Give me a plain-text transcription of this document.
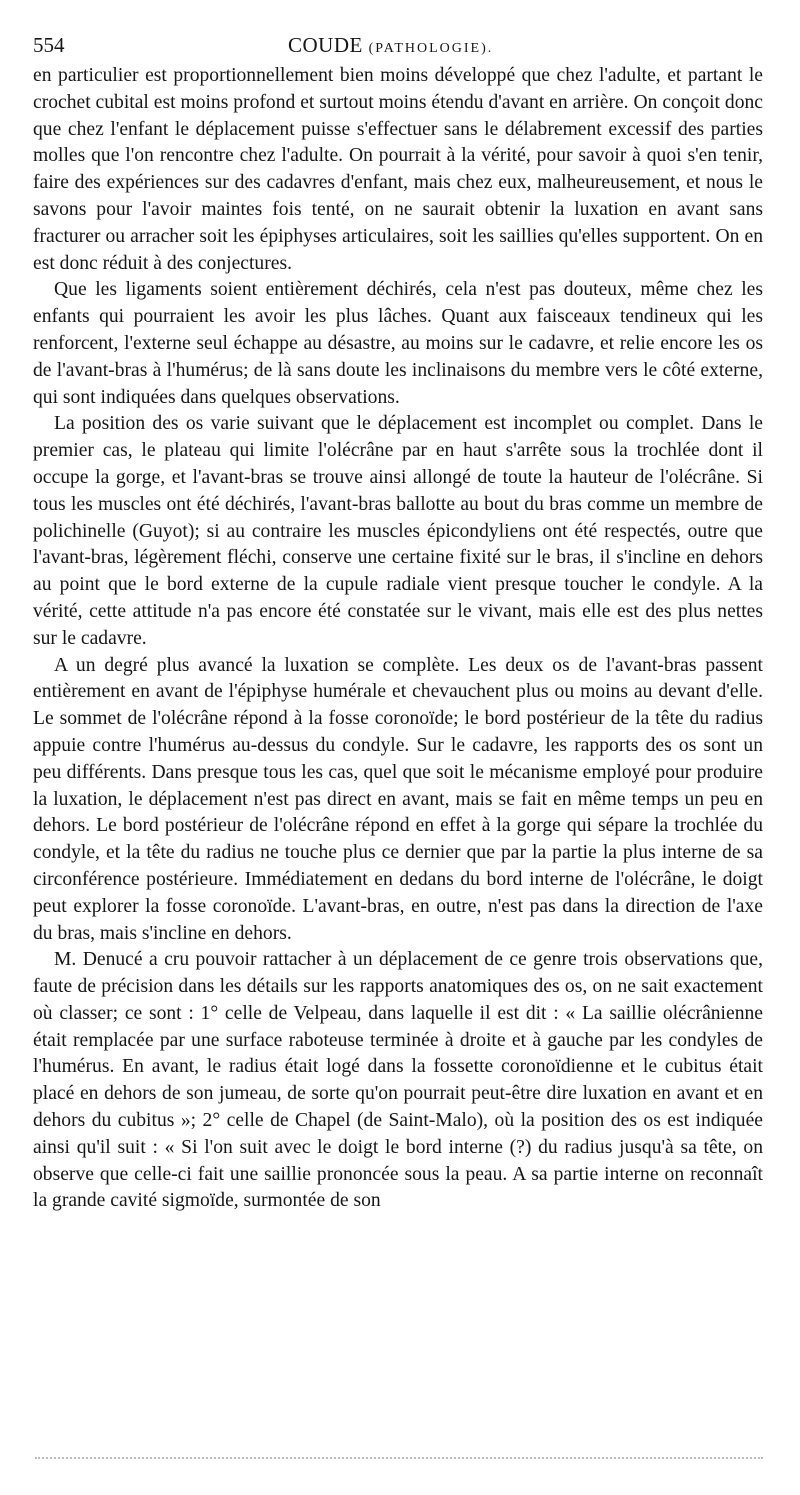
554	COUDE (PATHOLOGIE).

en particulier est proportionnellement bien moins développé que chez l'adulte, et partant le crochet cubital est moins profond et surtout moins étendu d'avant en arrière. On conçoit donc que chez l'enfant le déplacement puisse s'effectuer sans le délabrement excessif des parties molles que l'on rencontre chez l'adulte. On pourrait à la vérité, pour savoir à quoi s'en tenir, faire des expériences sur des cadavres d'enfant, mais chez eux, malheureusement, et nous le savons pour l'avoir maintes fois tenté, on ne saurait obtenir la luxation en avant sans fracturer ou arracher soit les épiphyses articulaires, soit les saillies qu'elles supportent. On en est donc réduit à des conjectures.

Que les ligaments soient entièrement déchirés, cela n'est pas douteux, même chez les enfants qui pourraient les avoir les plus lâches. Quant aux faisceaux tendineux qui les renforcent, l'externe seul échappe au désastre, au moins sur le cadavre, et relie encore les os de l'avant-bras à l'humérus; de là sans doute les inclinaisons du membre vers le côté externe, qui sont indiquées dans quelques observations.

La position des os varie suivant que le déplacement est incomplet ou complet. Dans le premier cas, le plateau qui limite l'olécrâne par en haut s'arrête sous la trochlée dont il occupe la gorge, et l'avant-bras se trouve ainsi allongé de toute la hauteur de l'olécrâne. Si tous les muscles ont été déchirés, l'avant-bras ballotte au bout du bras comme un membre de polichinelle (Guyot); si au contraire les muscles épicondyliens ont été respectés, outre que l'avant-bras, légèrement fléchi, conserve une certaine fixité sur le bras, il s'incline en dehors au point que le bord externe de la cupule radiale vient presque toucher le condyle. A la vérité, cette attitude n'a pas encore été constatée sur le vivant, mais elle est des plus nettes sur le cadavre.

A un degré plus avancé la luxation se complète. Les deux os de l'avant-bras passent entièrement en avant de l'épiphyse humérale et chevauchent plus ou moins au devant d'elle. Le sommet de l'olécrâne répond à la fosse coronoïde; le bord postérieur de la tête du radius appuie contre l'humérus au-dessus du condyle. Sur le cadavre, les rapports des os sont un peu différents. Dans presque tous les cas, quel que soit le mécanisme employé pour produire la luxation, le déplacement n'est pas direct en avant, mais se fait en même temps un peu en dehors. Le bord postérieur de l'olécrâne répond en effet à la gorge qui sépare la trochlée du condyle, et la tête du radius ne touche plus ce dernier que par la partie la plus interne de sa circonférence postérieure. Immédiatement en dedans du bord interne de l'olécrâne, le doigt peut explorer la fosse coronoïde. L'avant-bras, en outre, n'est pas dans la direction de l'axe du bras, mais s'incline en dehors.

M. Denucé a cru pouvoir rattacher à un déplacement de ce genre trois observations que, faute de précision dans les détails sur les rapports anatomiques des os, on ne sait exactement où classer; ce sont : 1° celle de Velpeau, dans laquelle il est dit : « La saillie olécrânienne était remplacée par une surface raboteuse terminée à droite et à gauche par les condyles de l'humérus. En avant, le radius était logé dans la fossette coronoïdienne et le cubitus était placé en dehors de son jumeau, de sorte qu'on pourrait peut-être dire luxation en avant et en dehors du cubitus »; 2° celle de Chapel (de Saint-Malo), où la position des os est indiquée ainsi qu'il suit : « Si l'on suit avec le doigt le bord interne (?) du radius jusqu'à sa tête, on observe que celle-ci fait une saillie prononcée sous la peau. A sa partie interne on reconnaît la grande cavité sigmoïde, surmontée de son
